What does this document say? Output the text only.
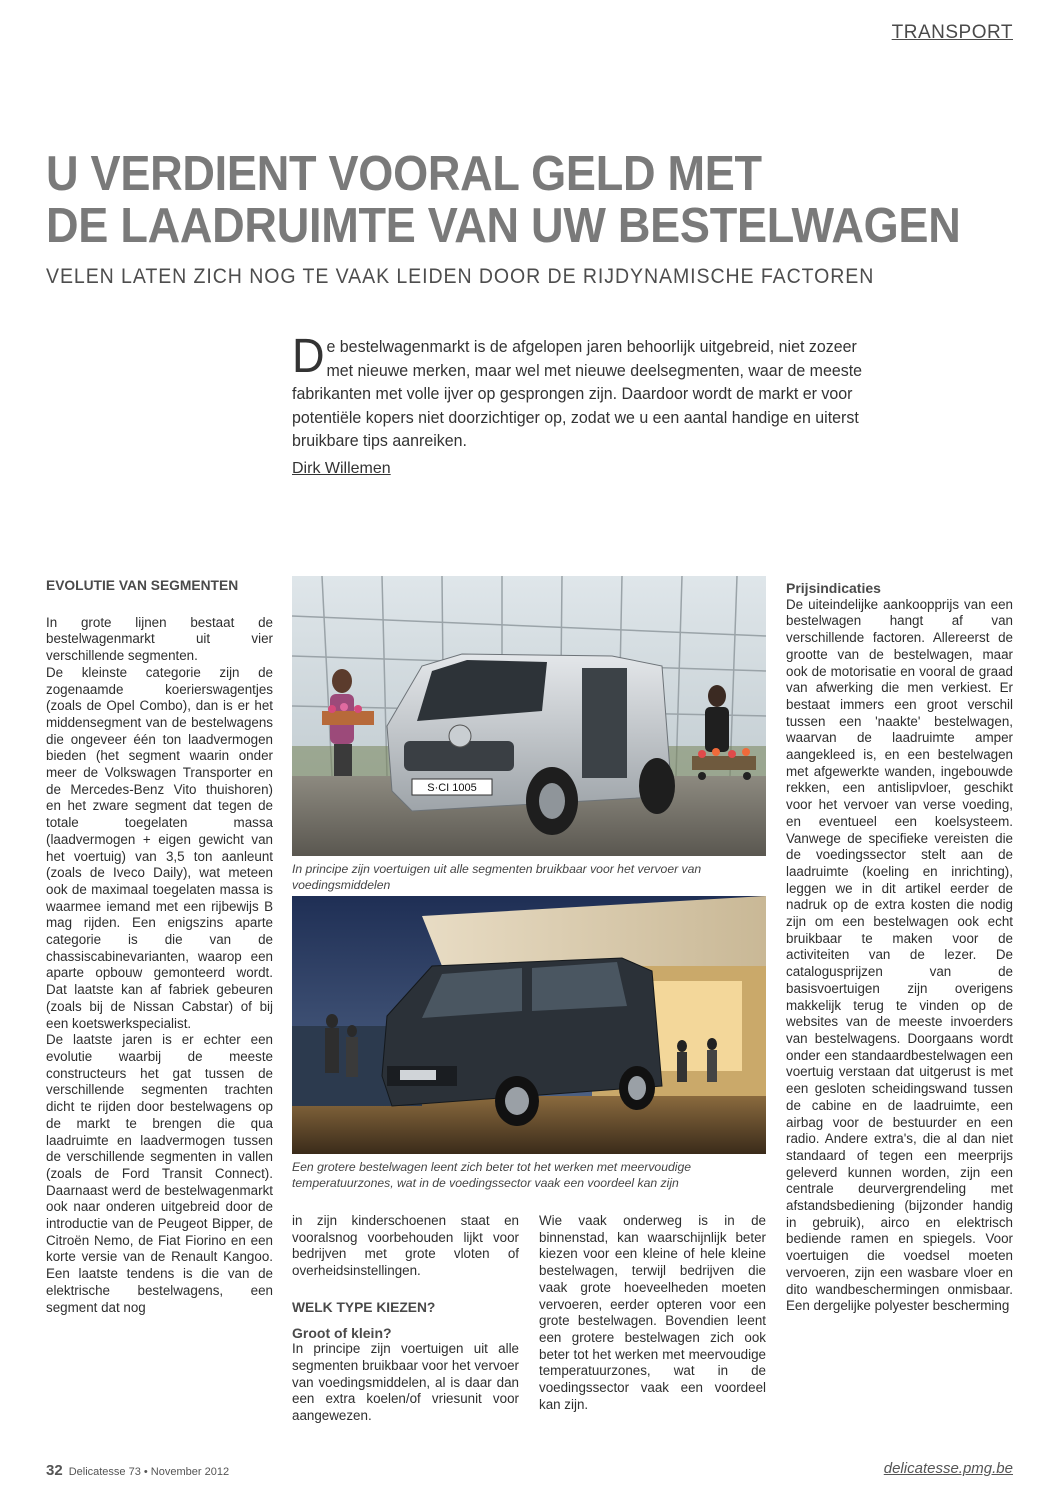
TRANSPORT
U VERDIENT VOORAL GELD MET
DE LAADRUIMTE VAN UW BESTELWAGEN
VELEN LATEN ZICH NOG TE VAAK LEIDEN DOOR DE RIJDYNAMISCHE FACTOREN
De bestelwagenmarkt is de afgelopen jaren behoorlijk uitgebreid, niet zozeer met nieuwe merken, maar wel met nieuwe deelsegmenten, waar de meeste fabrikanten met volle ijver op gesprongen zijn. Daardoor wordt de markt er voor potentiële kopers niet doorzichtiger op, zodat we u een aantal handige en uiterst bruikbare tips aanreiken.
Dirk Willemen
EVOLUTIE VAN SEGMENTEN

In grote lijnen bestaat de bestelwagenmarkt uit vier verschillende segmenten.

De kleinste categorie zijn de zogenaamde koerierswagentjes (zoals de Opel Combo), dan is er het middensegment van de bestelwagens die ongeveer één ton laadvermogen bieden (het segment waarin onder meer de Volkswagen Transporter en de Mercedes-Benz Vito thuishoren) en het zware segment dat tegen de totale toegelaten massa (laadvermogen + eigen gewicht van het voertuig) van 3,5 ton aanleunt (zoals de Iveco Daily), wat meteen ook de maximaal toegelaten massa is waarmee iemand met een rijbewijs B mag rijden. Een enigszins aparte categorie is die van de chassiscabinevarianten, waarop een aparte opbouw gemonteerd wordt. Dat laatste kan af fabriek gebeuren (zoals bij de Nissan Cabstar) of bij een koetswerkspecialist.

De laatste jaren is er echter een evolutie waarbij de meeste constructeurs het gat tussen de verschillende segmenten trachten dicht te rijden door bestelwagens op de markt te brengen die qua laadruimte en laadvermogen tussen de verschillende segmenten in vallen (zoals de Ford Transit Connect). Daarnaast werd de bestelwagenmarkt ook naar onderen uitgebreid door de introductie van de Peugeot Bipper, de Citroën Nemo, de Fiat Fiorino en een korte versie van de Renault Kangoo. Een laatste tendens is die van de elektrische bestelwagens, een segment dat nog

S·CI 1005
In principe zijn voertuigen uit alle segmenten bruikbaar voor het vervoer van voedingsmiddelen
Een grotere bestelwagen leent zich beter tot het werken met meervoudige temperatuurzones, wat in de voedingssector vaak een voordeel kan zijn

in zijn kinderschoenen staat en vooralsnog voorbehouden lijkt voor bedrijven met grote vloten of overheidsinstellingen.

WELK TYPE KIEZEN?
Groot of klein?

In principe zijn voertuigen uit alle segmenten bruikbaar voor het vervoer van voedingsmiddelen, al is daar dan een extra koelen/of vriesunit voor aangewezen.

Wie vaak onderweg is in de binnenstad, kan waarschijnlijk beter kiezen voor een kleine of hele kleine bestelwagen, terwijl bedrijven die vaak grote hoeveelheden moeten vervoeren, eerder opteren voor een grote bestelwagen. Bovendien leent een grotere bestelwagen zich ook beter tot het werken met meervoudige temperatuurzones, wat in de voedingssector vaak een voordeel kan zijn.

Prijsindicaties

De uiteindelijke aankoopprijs van een bestelwagen hangt af van verschillende factoren. Allereerst de grootte van de bestelwagen, maar ook de motorisatie en vooral de graad van afwerking die men verkiest. Er bestaat immers een groot verschil tussen een 'naakte' bestelwagen, waarvan de laadruimte amper aangekleed is, en een bestelwagen met afgewerkte wanden, ingebouwde rekken, een antislipvloer, geschikt voor het vervoer van verse voeding, en eventueel een koelsysteem. Vanwege de specifieke vereisten die de voedingssector stelt aan de laadruimte (koeling en inrichting), leggen we in dit artikel eerder de nadruk op de extra kosten die nodig zijn om een bestelwagen ook echt bruikbaar te maken voor de activiteiten van de lezer. De catalogusprijzen van de basisvoertuigen zijn overigens makkelijk terug te vinden op de websites van de meeste invoerders van bestelwagens. Doorgaans wordt onder een standaardbestelwagen een voertuig verstaan dat uitgerust is met een gesloten scheidingswand tussen de cabine en de laadruimte, een airbag voor de bestuurder en een radio. Andere extra's, die al dan niet standaard of tegen een meerprijs geleverd kunnen worden, zijn een centrale deurvergrendeling met afstandsbediening (bijzonder handig in gebruik), airco en elektrisch bediende ramen en spiegels. Voor voertuigen die voedsel moeten vervoeren, zijn een wasbare vloer en dito wandbeschermingen onmisbaar. Een dergelijke polyester bescherming

32 Delicatesse 73 • November 2012	delicatesse.pmg.be
